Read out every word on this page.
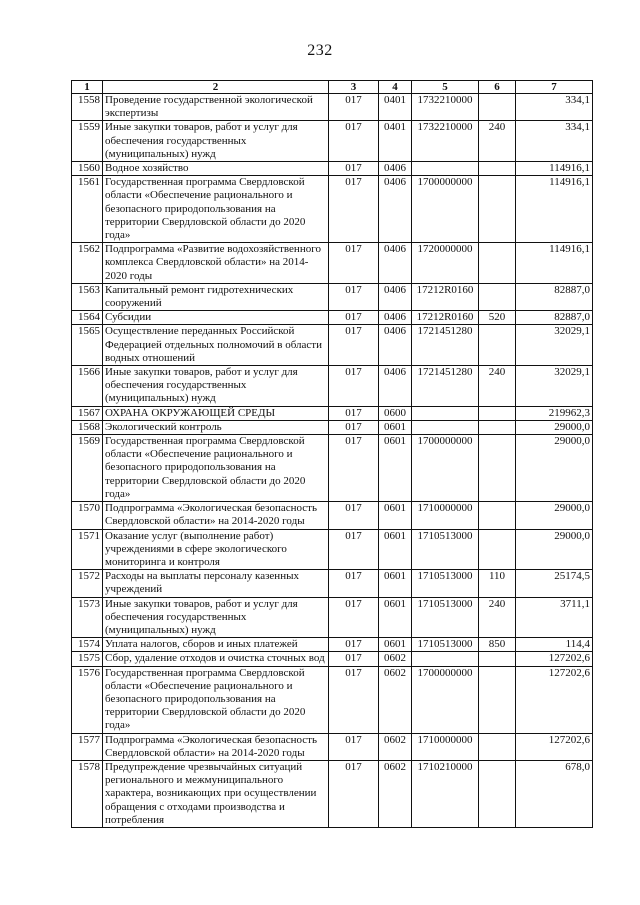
232
1	2	3	4	5	6	7
1558	Проведение государственной экологической экспертизы	017	0401	1732210000		334,1
1559	Иные закупки товаров, работ и услуг для обеспечения государственных (муниципальных) нужд	017	0401	1732210000	240	334,1
1560	Водное хозяйство	017	0406			114916,1
1561	Государственная программа Свердловской области «Обеспечение рационального и безопасного природопользования на территории Свердловской области до 2020 года»	017	0406	1700000000		114916,1
1562	Подпрограмма «Развитие водохозяйственного комплекса Свердловской области» на 2014-2020 годы	017	0406	1720000000		114916,1
1563	Капитальный ремонт гидротехнических сооружений	017	0406	17212R0160		82887,0
1564	Субсидии	017	0406	17212R0160	520	82887,0
1565	Осуществление переданных Российской Федерацией отдельных полномочий в области водных отношений	017	0406	1721451280		32029,1
1566	Иные закупки товаров, работ и услуг для обеспечения государственных (муниципальных) нужд	017	0406	1721451280	240	32029,1
1567	ОХРАНА ОКРУЖАЮЩЕЙ СРЕДЫ	017	0600			219962,3
1568	Экологический контроль	017	0601			29000,0
1569	Государственная программа Свердловской области «Обеспечение рационального и безопасного природопользования на территории Свердловской области до 2020 года»	017	0601	1700000000		29000,0
1570	Подпрограмма «Экологическая безопасность Свердловской области» на 2014-2020 годы	017	0601	1710000000		29000,0
1571	Оказание услуг (выполнение работ) учреждениями в сфере экологического мониторинга и контроля	017	0601	1710513000		29000,0
1572	Расходы на выплаты персоналу казенных учреждений	017	0601	1710513000	110	25174,5
1573	Иные закупки товаров, работ и услуг для обеспечения государственных (муниципальных) нужд	017	0601	1710513000	240	3711,1
1574	Уплата налогов, сборов и иных платежей	017	0601	1710513000	850	114,4
1575	Сбор, удаление отходов и очистка сточных вод	017	0602			127202,6
1576	Государственная программа Свердловской области «Обеспечение рационального и безопасного природопользования на территории Свердловской области до 2020 года»	017	0602	1700000000		127202,6
1577	Подпрограмма «Экологическая безопасность Свердловской области» на 2014-2020 годы	017	0602	1710000000		127202,6
1578	Предупреждение чрезвычайных ситуаций регионального и межмуниципального характера, возникающих при осуществлении обращения с отходами производства и потребления	017	0602	1710210000		678,0
